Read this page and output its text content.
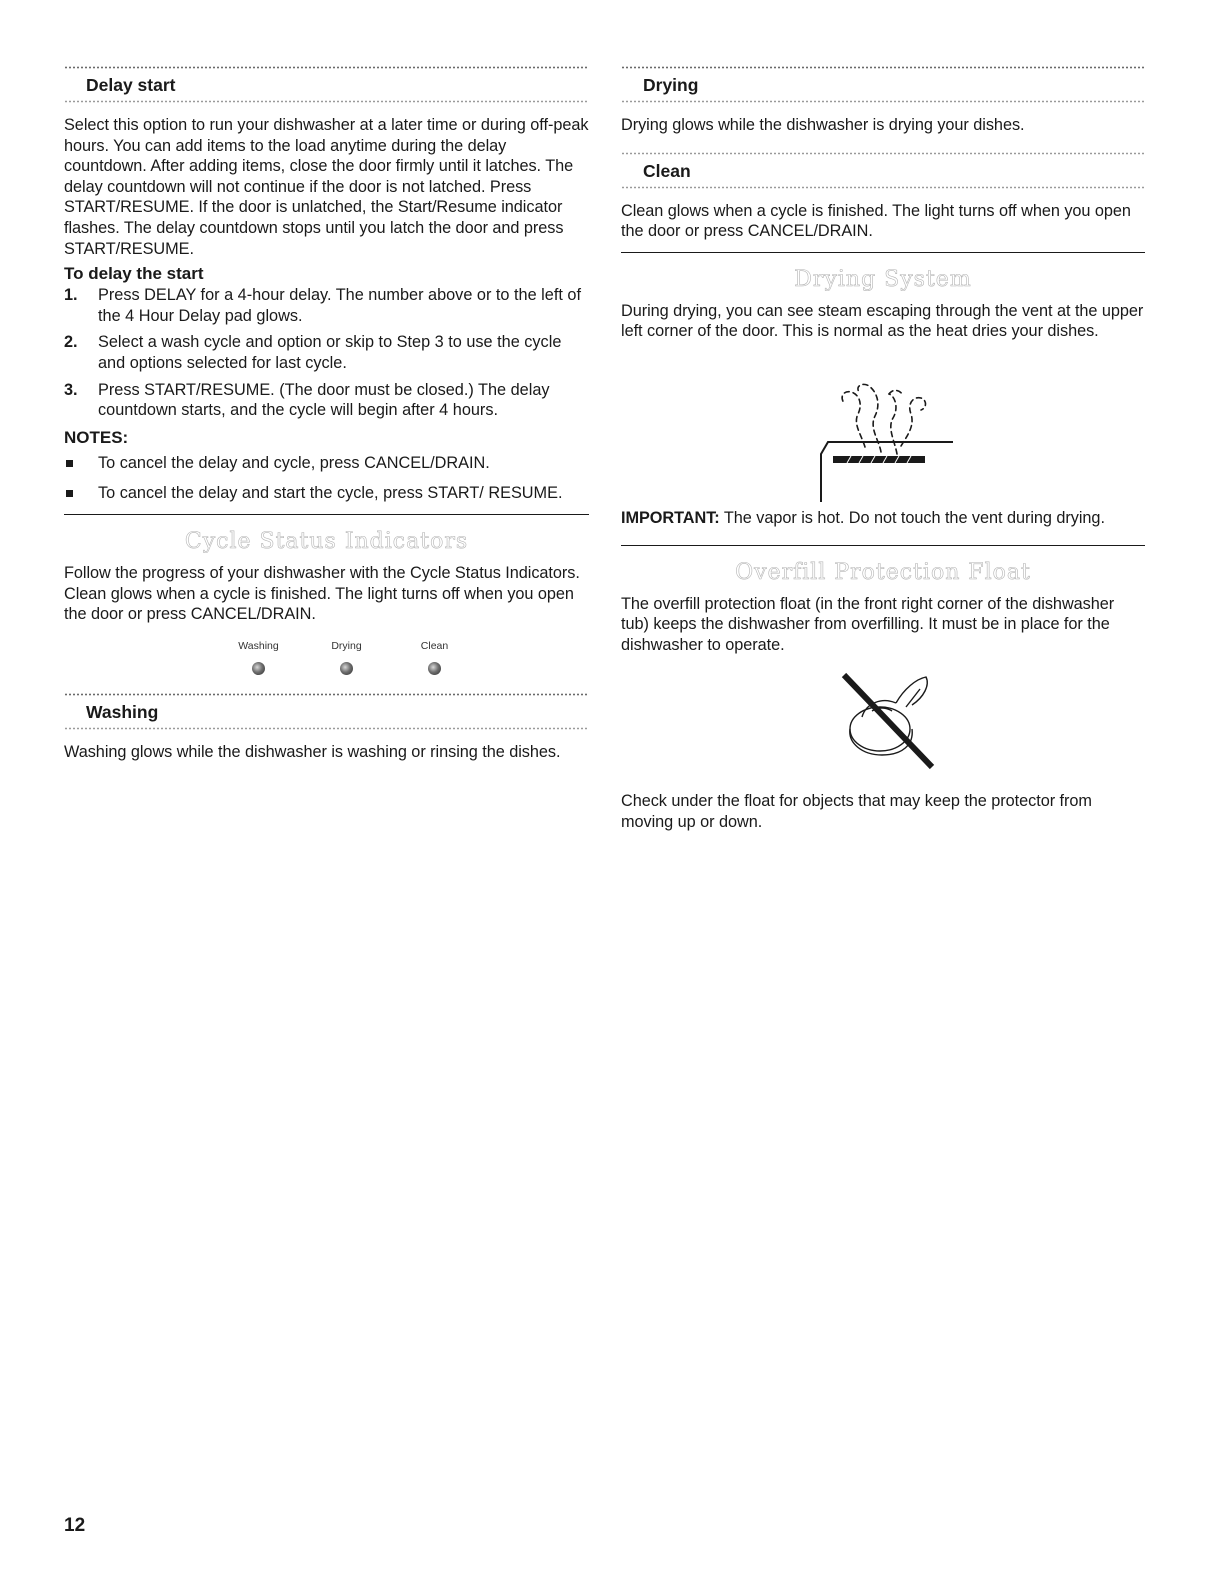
Delay start

Select this option to run your dishwasher at a later time or during off-peak hours. You can add items to the load anytime during the delay countdown. After adding items, close the door firmly until it latches. The delay countdown will not continue if the door is not latched. Press START/RESUME. If the door is unlatched, the Start/Resume indicator flashes. The delay countdown stops until you latch the door and press START/RESUME.

To delay the start
1. Press DELAY for a 4-hour delay. The number above or to the left of the 4 Hour Delay pad glows.
2. Select a wash cycle and option or skip to Step 3 to use the cycle and options selected for last cycle.
3. Press START/RESUME. (The door must be closed.) The delay countdown starts, and the cycle will begin after 4 hours.
NOTES:
To cancel the delay and cycle, press CANCEL/DRAIN.
To cancel the delay and start the cycle, press START/ RESUME.
Cycle Status Indicators

Follow the progress of your dishwasher with the Cycle Status Indicators. Clean glows when a cycle is finished. The light turns off when you open the door or press CANCEL/DRAIN.

Washing	Drying	Clean
Washing

Washing glows while the dishwasher is washing or rinsing the dishes.

Drying

Drying glows while the dishwasher is drying your dishes.

Clean

Clean glows when a cycle is finished. The light turns off when you open the door or press CANCEL/DRAIN.

Drying System

During drying, you can see steam escaping through the vent at the upper left corner of the door. This is normal as the heat dries your dishes.

IMPORTANT: The vapor is hot. Do not touch the vent during drying.

Overfill Protection Float

The overfill protection float (in the front right corner of the dishwasher tub) keeps the dishwasher from overfilling. It must be in place for the dishwasher to operate.

Check under the float for objects that may keep the protector from moving up or down.

12
